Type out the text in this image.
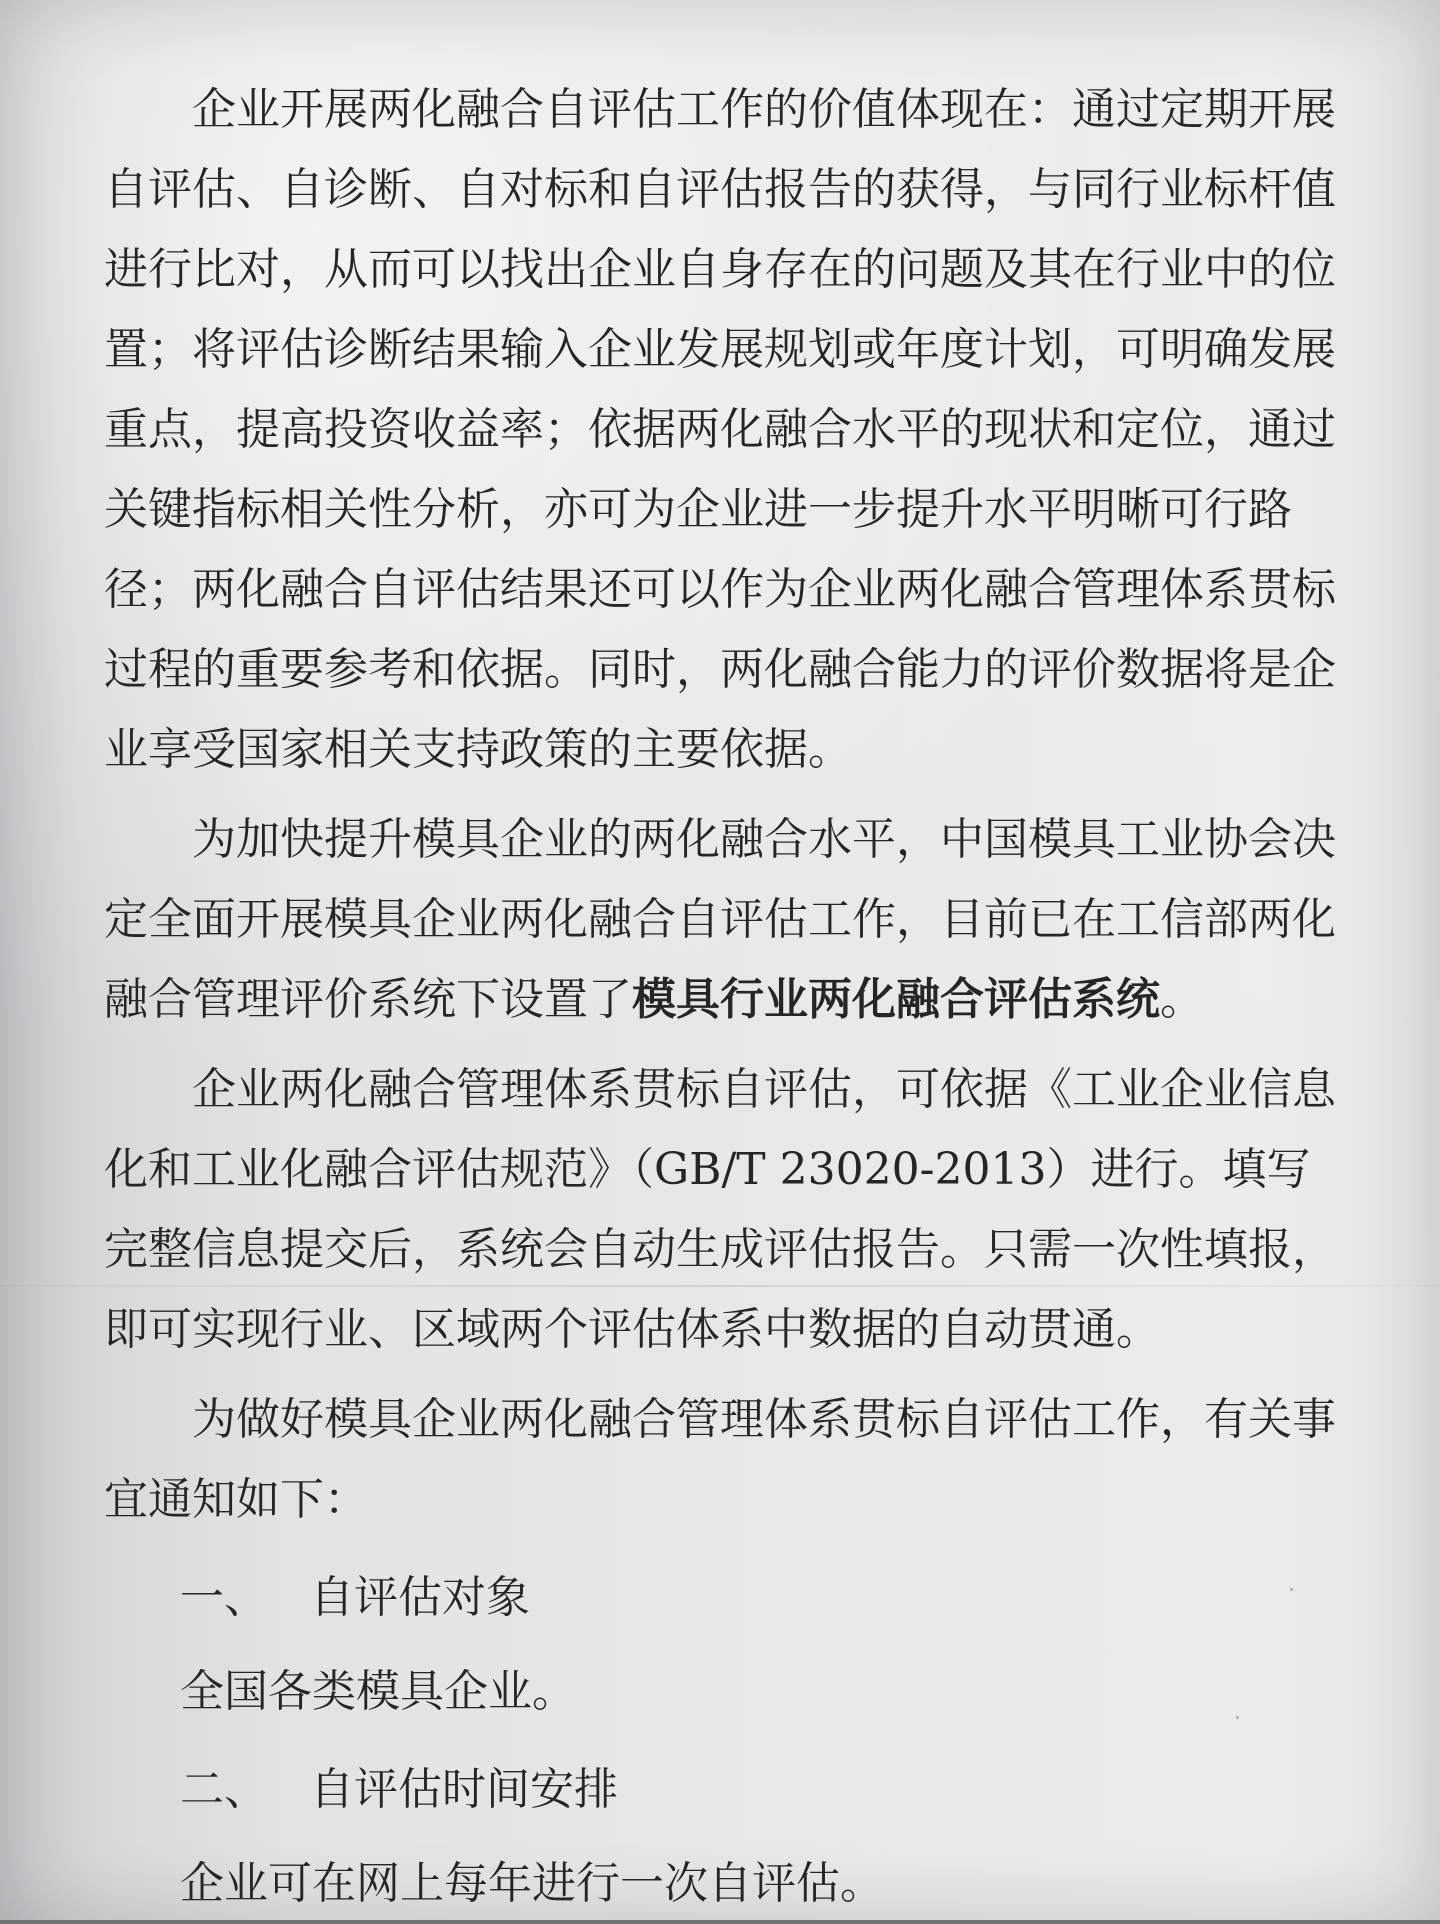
企业开展两化融合自评估工作的价值体现在：通过定期开展自评估、自诊断、自对标和自评估报告的获得，与同行业标杆值进行比对，从而可以找出企业自身存在的问题及其在行业中的位置；将评估诊断结果输入企业发展规划或年度计划，可明确发展重点，提高投资收益率；依据两化融合水平的现状和定位，通过关键指标相关性分析，亦可为企业进一步提升水平明晰可行路径；两化融合自评估结果还可以作为企业两化融合管理体系贯标过程的重要参考和依据。同时，两化融合能力的评价数据将是企业享受国家相关支持政策的主要依据。

为加快提升模具企业的两化融合水平，中国模具工业协会决定全面开展模具企业两化融合自评估工作，目前已在工信部两化融合管理评价系统下设置了模具行业两化融合评估系统。

企业两化融合管理体系贯标自评估，可依据《工业企业信息化和工业化融合评估规范》（GB/T 23020-2013）进行。填写完整信息提交后，系统会自动生成评估报告。只需一次性填报，即可实现行业、区域两个评估体系中数据的自动贯通。

为做好模具企业两化融合管理体系贯标自评估工作，有关事宜通知如下：

一、   自评估对象

全国各类模具企业。

二、   自评估时间安排

企业可在网上每年进行一次自评估。
